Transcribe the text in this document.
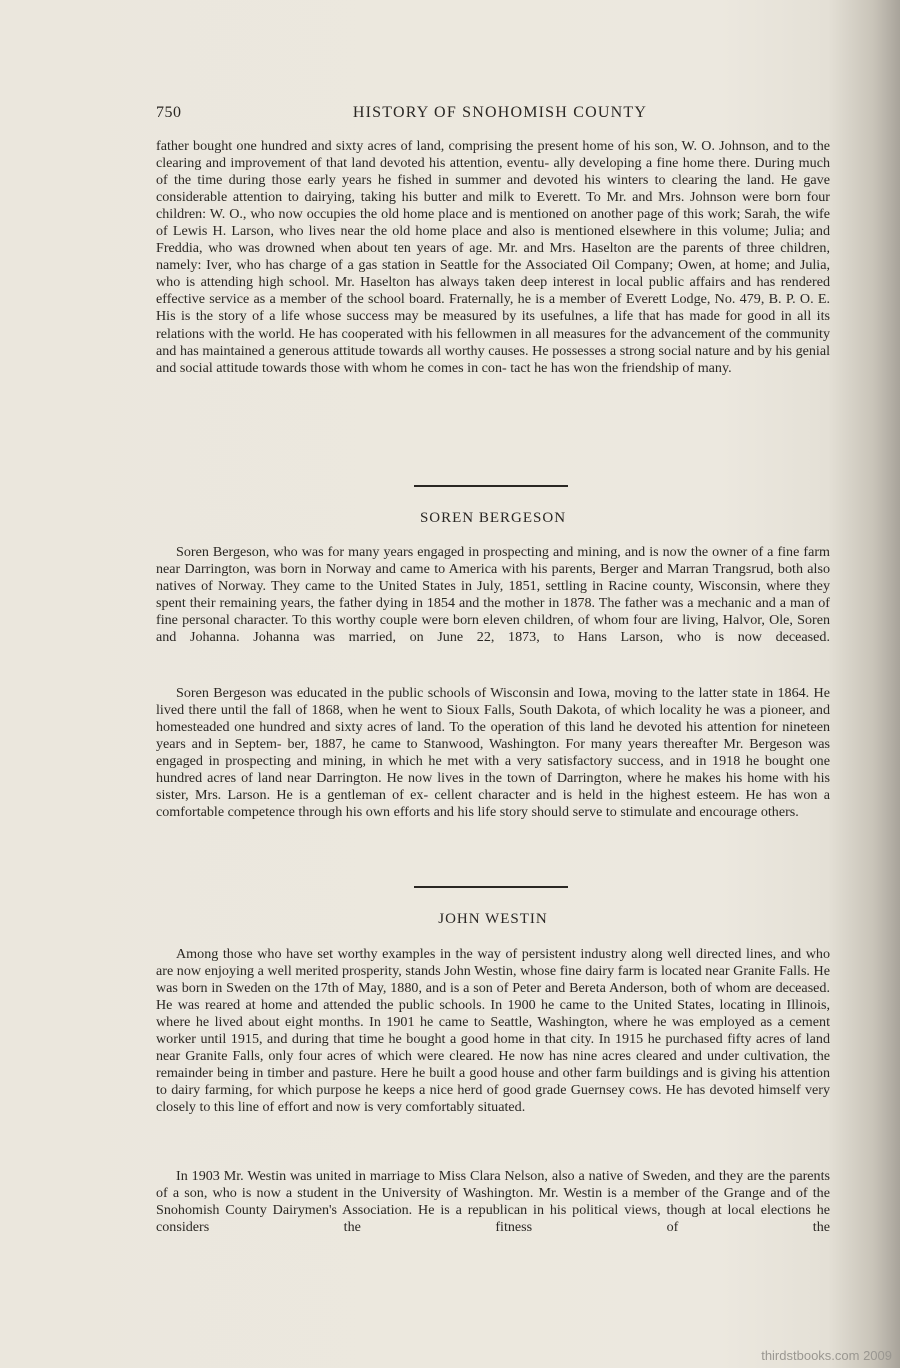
750	HISTORY OF SNOHOMISH COUNTY
father bought one hundred and sixty acres of land, comprising the present home of his son, W. O. Johnson, and to the clearing and improvement of that land devoted his attention, eventu- ally developing a fine home there. During much of the time during those early years he fished in summer and devoted his winters to clearing the land. He gave considerable attention to dairying, taking his butter and milk to Everett. To Mr. and Mrs. Johnson were born four children: W. O., who now occupies the old home place and is mentioned on another page of this work; Sarah, the wife of Lewis H. Larson, who lives near the old home place and also is mentioned elsewhere in this volume; Julia; and Freddia, who was drowned when about ten years of age. Mr. and Mrs. Haselton are the parents of three children, namely: Iver, who has charge of a gas station in Seattle for the Associated Oil Company; Owen, at home; and Julia, who is attending high school. Mr. Haselton has always taken deep interest in local public affairs and has rendered effective service as a member of the school board. Fraternally, he is a member of Everett Lodge, No. 479, B. P. O. E. His is the story of a life whose success may be measured by its usefulnes, a life that has made for good in all its relations with the world. He has cooperated with his fellowmen in all measures for the advancement of the community and has maintained a generous attitude towards all worthy causes. He possesses a strong social nature and by his genial and social attitude towards those with whom he comes in con- tact he has won the friendship of many.
SOREN BERGESON
Soren Bergeson, who was for many years engaged in prospecting and mining, and is now the owner of a fine farm near Darrington, was born in Norway and came to America with his parents, Berger and Marran Trangsrud, both also natives of Norway. They came to the United States in July, 1851, settling in Racine county, Wisconsin, where they spent their remaining years, the father dying in 1854 and the mother in 1878. The father was a mechanic and a man of fine personal character. To this worthy couple were born eleven children, of whom four are living, Halvor, Ole, Soren and Johanna. Johanna was married, on June 22, 1873, to Hans Larson, who is now deceased.
Soren Bergeson was educated in the public schools of Wisconsin and Iowa, moving to the latter state in 1864. He lived there until the fall of 1868, when he went to Sioux Falls, South Dakota, of which locality he was a pioneer, and homesteaded one hundred and sixty acres of land. To the operation of this land he devoted his attention for nineteen years and in Septem- ber, 1887, he came to Stanwood, Washington. For many years thereafter Mr. Bergeson was engaged in prospecting and mining, in which he met with a very satisfactory success, and in 1918 he bought one hundred acres of land near Darrington. He now lives in the town of Darrington, where he makes his home with his sister, Mrs. Larson. He is a gentleman of ex- cellent character and is held in the highest esteem. He has won a comfortable competence through his own efforts and his life story should serve to stimulate and encourage others.
JOHN WESTIN
Among those who have set worthy examples in the way of persistent industry along well directed lines, and who are now enjoying a well merited prosperity, stands John Westin, whose fine dairy farm is located near Granite Falls. He was born in Sweden on the 17th of May, 1880, and is a son of Peter and Bereta Anderson, both of whom are deceased. He was reared at home and attended the public schools. In 1900 he came to the United States, locating in Illinois, where he lived about eight months. In 1901 he came to Seattle, Washington, where he was employed as a cement worker until 1915, and during that time he bought a good home in that city. In 1915 he purchased fifty acres of land near Granite Falls, only four acres of which were cleared. He now has nine acres cleared and under cultivation, the remainder being in timber and pasture. Here he built a good house and other farm buildings and is giving his attention to dairy farming, for which purpose he keeps a nice herd of good grade Guernsey cows. He has devoted himself very closely to this line of effort and now is very comfortably situated.
In 1903 Mr. Westin was united in marriage to Miss Clara Nelson, also a native of Sweden, and they are the parents of a son, who is now a student in the University of Washington. Mr. Westin is a member of the Grange and of the Snohomish County Dairymen's Association. He is a republican in his political views, though at local elections he considers the fitness of the
thirdstbooks.com 2009
